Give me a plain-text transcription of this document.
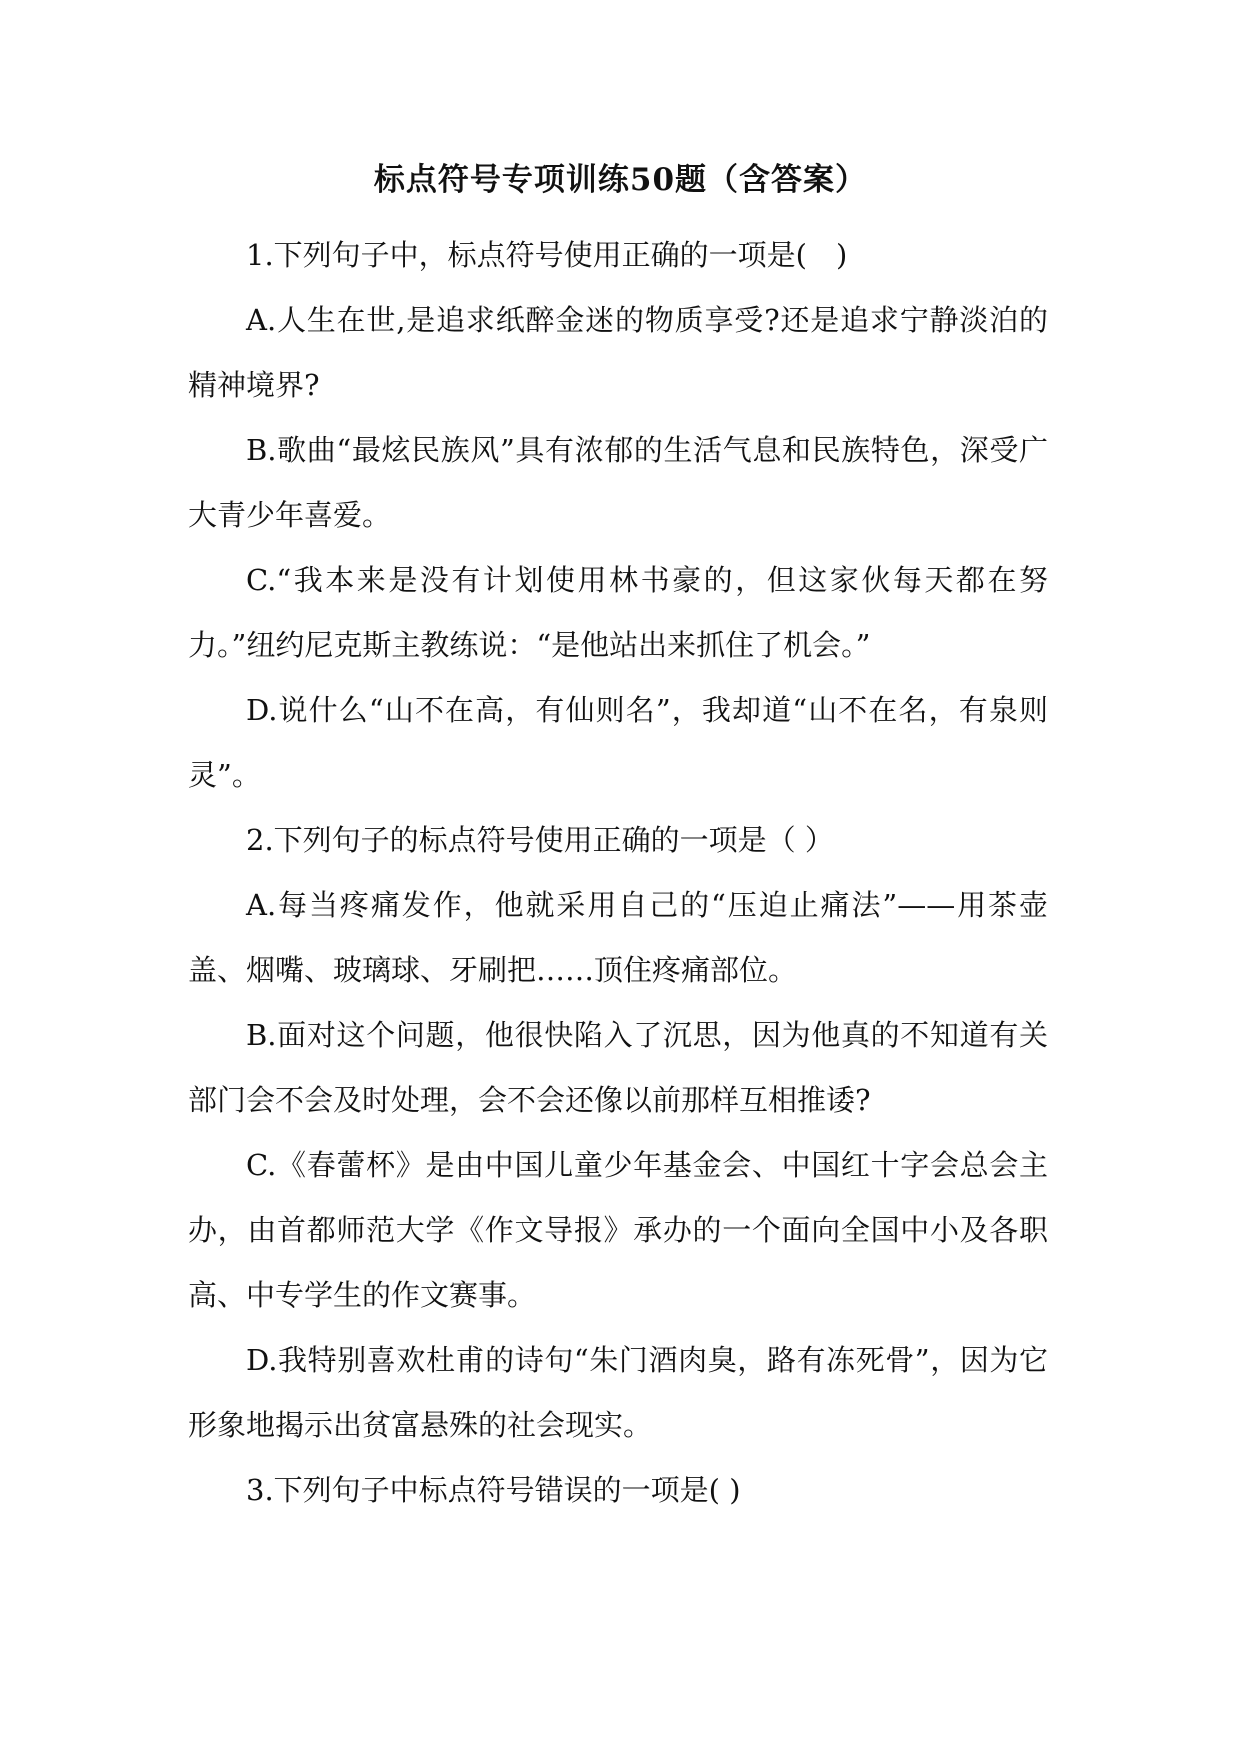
标点符号专项训练50题（含答案）

1.下列句子中，标点符号使用正确的一项是(　)

A.人生在世,是追求纸醉金迷的物质享受?还是追求宁静淡泊的精神境界?

B.歌曲“最炫民族风”具有浓郁的生活气息和民族特色，深受广大青少年喜爱。

C.“我本来是没有计划使用林书豪的，但这家伙每天都在努力。”纽约尼克斯主教练说：“是他站出来抓住了机会。”

D.说什么“山不在高，有仙则名”，我却道“山不在名，有泉则灵”。

2.下列句子的标点符号使用正确的一项是（ ）

A.每当疼痛发作，他就采用自己的“压迫止痛法”——用茶壶盖、烟嘴、玻璃球、牙刷把……顶住疼痛部位。

B.面对这个问题，他很快陷入了沉思，因为他真的不知道有关部门会不会及时处理，会不会还像以前那样互相推诿?

C.《春蕾杯》是由中国儿童少年基金会、中国红十字会总会主办，由首都师范大学《作文导报》承办的一个面向全国中小及各职高、中专学生的作文赛事。

D.我特别喜欢杜甫的诗句“朱门酒肉臭，路有冻死骨”，因为它形象地揭示出贫富悬殊的社会现实。

3.下列句子中标点符号错误的一项是( )
